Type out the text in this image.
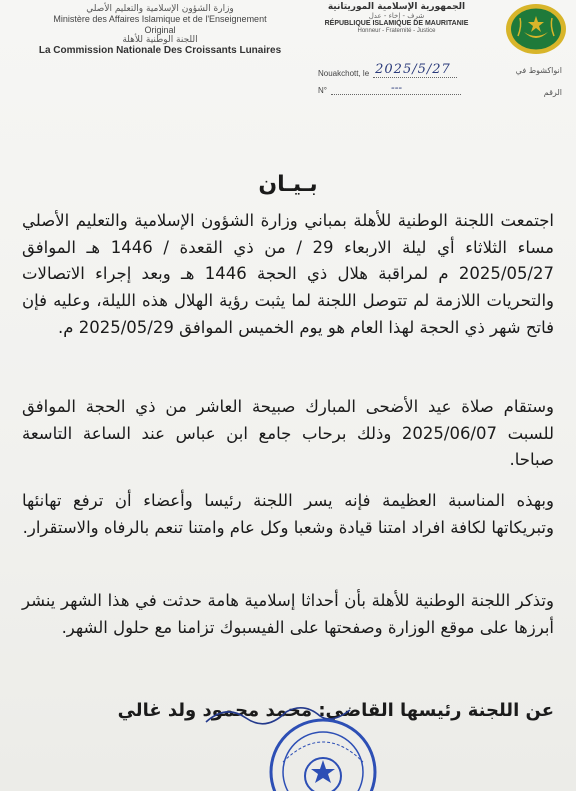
وزارة الشؤون الإسلامية والتعليم الأصلي
Ministère des Affaires Islamique et de l'Enseignement
Original
اللجنة الوطنية للأهلة
La Commission Nationale Des Croissants Lunaires
الجمهورية الإسلامية الموريتانية
شرف - إخاء - عدل
RÉPUBLIQUE ISLAMIQUE DE MAURITANIE
Honneur - Fraternité - Justice
Nouakchott, le 2025/5/27	انواكشوط في
N°	---	الرقم
بـيـان
اجتمعت اللجنة الوطنية للأهلة بمباني وزارة الشؤون الإسلامية والتعليم الأصلي مساء الثلاثاء أي ليلة الاربعاء 29 / من ذي القعدة / 1446 هـ الموافق 2025/05/27 م لمراقبة هلال ذي الحجة 1446 هـ وبعد إجراء الاتصالات والتحريات اللازمة لم تتوصل اللجنة لما يثبت رؤية الهلال هذه الليلة، وعليه فإن فاتح شهر ذي الحجة لهذا العام هو يوم الخميس الموافق 2025/05/29 م.
وستقام صلاة عيد الأضحى المبارك صبيحة العاشر من ذي الحجة الموافق للسبت 2025/06/07 وذلك برحاب جامع ابن عباس عند الساعة التاسعة صباحا.
وبهذه المناسبة العظيمة فإنه يسر اللجنة رئيسا وأعضاء أن ترفع تهانئها وتبريكاتها لكافة افراد امتنا قيادة وشعبا وكل عام وامتنا تنعم بالرفاه والاستقرار.
وتذكر اللجنة الوطنية للأهلة بأن أحداثا إسلامية هامة حدثت في هذا الشهر ينشر أبرزها على موقع الوزارة وصفحتها على الفيسبوك تزامنا مع حلول الشهر.
عن اللجنة رئيسها القاضي: محمد محمود ولد غالي
